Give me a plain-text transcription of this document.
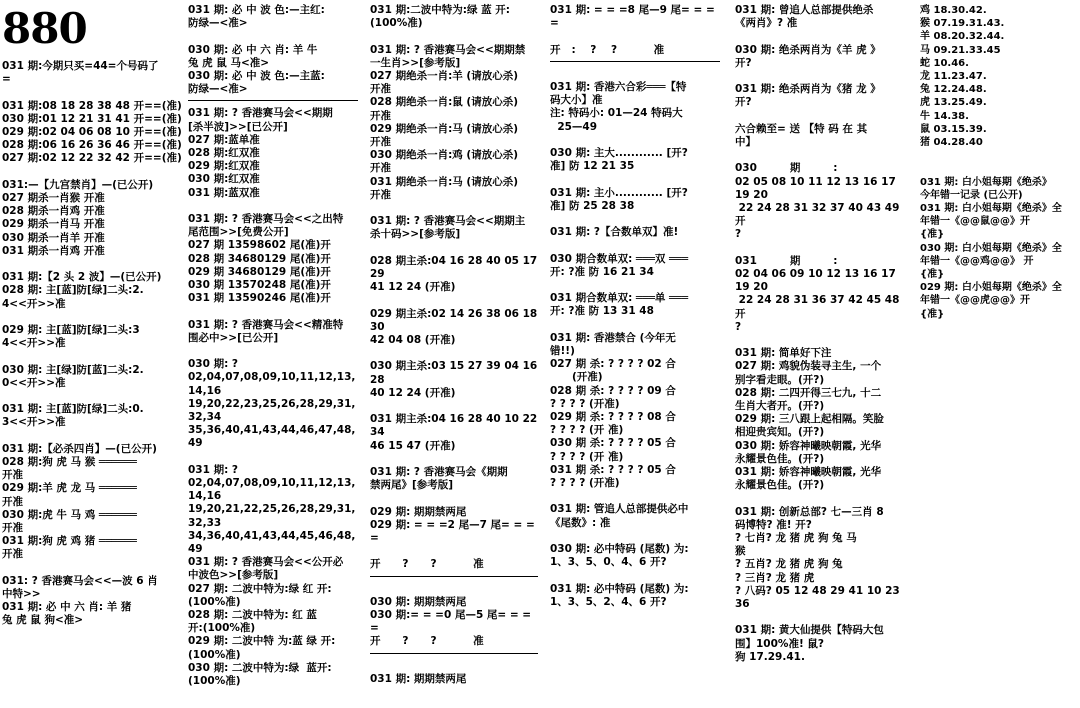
880
031 期:今期只买=44=个号码了
=
031 期:08 18 28 38 48 开==(准)
030 期:01 12 21 31 41 开==(准)
029 期:02 04 06 08 10 开==(准)
028 期:06 16 26 36 46 开==(准)
027 期:02 12 22 32 42 开==(准)
031:—【九宫禁肖】—(已公开)
027 期杀一肖猴 开准
028 期杀一肖鸡 开准
029 期杀一肖马 开准
030 期杀一肖羊 开准
031 期杀一肖鸡 开准
031 期:【2 头 2 波】—(已公开)
028 期: 主[蓝]防[绿]二头:2.
4<<开>>准
029 期: 主[蓝]防[绿]二头:3
4<<开>>准
030 期: 主[绿]防[蓝]二头:2.
0<<开>>准
031 期: 主[蓝]防[绿]二头:0.
3<<开>>准
031 期:【必杀四肖】—(已公开)
028 期:狗 虎 马 猴 ══════
开准
029 期:羊 虎 龙 马 ══════
开准
030 期:虎 牛 马 鸡 ══════
开准
031 期:狗 虎 鸡 猪 ══════
开准
031: ? 香港赛马会<<—波 6 肖
中特>>
031 期: 必 中 六 肖: 羊 猪
兔 虎 鼠 狗<准>
031 期: 必 中 波 色:—主红:
防绿—<准>
030 期: 必 中 六 肖: 羊 牛
兔 虎 鼠 马<准>
030 期: 必 中 波 色:—主蓝:
防绿—<准>
031 期: ? 香港赛马会<<期期
[杀半波]>>[已公开]
027 期:蓝单准
028 期:红双准
029 期:红双准
030 期:红双准
031 期:蓝双准
031 期: ? 香港赛马会<<之出特
尾范围>>[免费公开]
027 期 13598602 尾(准)开
028 期 34680129 尾(准)开
029 期 34680129 尾(准)开
030 期 13570248 尾(准)开
031 期 13590246 尾(准)开
031 期: ? 香港赛马会<<精准特
围必中>>[已公开]
030 期: ?
02,04,07,08,09,10,11,12,13,14,16
19,20,22,23,25,26,28,29,31,32,34
35,36,40,41,43,44,46,47,48,49
031 期: ?
02,04,07,08,09,10,11,12,13,14,16
19,20,21,22,25,26,28,29,31,32,33
34,36,40,41,43,44,45,46,48,49
031 期: ? 香港赛马会<<公开必
中波色>>[参考版]
027 期: 二波中特为:绿 红 开:
(100%准)
028 期: 二波中特为: 红 蓝
开:(100%准)
029 期: 二波中特 为:蓝 绿 开:
(100%准)
030 期: 二波中特为:绿  蓝开:
(100%准)
031 期:二波中特为:绿 蓝 开:
(100%准)
031 期: ? 香港赛马会<<期期禁
一生肖>>[参考版]
027 期绝杀一肖:羊 (请放心杀)
开准
028 期绝杀一肖:鼠 (请放心杀)
开准
029 期绝杀一肖:马 (请放心杀)
开准
030 期绝杀一肖:鸡 (请放心杀)
开准
031 期绝杀一肖:马 (请放心杀)
开准
031 期: ? 香港赛马会<<期期主
杀十码>>[参考版]
028 期主杀:04 16 28 40 05 17 29
41 12 24 (开准)
029 期主杀:02 14 26 38 06 18 30
42 04 08 (开准)
030 期主杀:03 15 27 39 04 16 28
40 12 24 (开准)
031 期主杀:04 16 28 40 10 22 34
46 15 47 (开准)
031 期: ? 香港赛马会《期期
禁两尾》[参考版]
029 期: 期期禁两尾
029 期: = = =2 尾—7 尾= = = =
开      ?      ?          准
030 期: 期期禁两尾
030 期:= = =0 尾—5 尾= = = =
开      ?      ?          准
031 期: 期期禁两尾
031 期: = = =8 尾—9 尾= = = =
开   :    ?    ?          准
031 期: 香港六合彩═══【特
码大小】准
注: 特码小: 01—24 特码大
25—49
030 期: 主大............ [开?
准] 防 12 21 35
031 期: 主小............ [开?
准] 防 25 28 38
031 期: ?【合数单双】准!
030 期合数单双: ═══双 ═══
开: ?准 防 16 21 34
031 期合数单双: ═══单 ═══
开: ?准 防 13 31 48
031 期: 香港禁合 (今年无
错!!)
027 期 杀: ? ? ? ? 02 合
(开准)
028 期 杀: ? ? ? ? 09 合
? ? ? ? (开准)
029 期 杀: ? ? ? ? 08 合
? ? ? ? (开 准)
030 期 杀: ? ? ? ? 05 合
? ? ? ? (开 准)
031 期 杀: ? ? ? ? 05 合
? ? ? ? (开准)
031 期: 管追人总部提供必中
《尾数》: 准
030 期: 必中特码 (尾数) 为:
1、3、5、0、4、6 开?
031 期: 必中特码 (尾数) 为:
1、3、5、2、4、6 开?
031 期: 曾追人总部提供绝杀
《两肖》? 准
030 期: 绝杀两肖为《羊 虎 》
开?
031 期: 绝杀两肖为《猪 龙 》
开?
六合赖至= 送 【特 码 在 其
中】
030         期         :
02 05 08 10 11 12 13 16 17 19 20
22 24 28 31 32 37 40 43 49   开
?
031         期         :
02 04 06 09 10 12 13 16 17 19 20
22 24 28 31 36 37 42 45 48   开
?
031 期: 简单好下注
027 期: 鸡貌伪装寻主生, 一个
别字看走眼。(开?)
028 期: 二四开得三七九, 十二
生肖大者开。(开?)
029 期: 三八跟上起相隔。笑脸
相迎贵宾知。(开?)
030 期: 娇容神曦映朝霞, 光华
永耀景色佳。(开?)
031 期: 娇容神曦映朝霞, 光华
永耀景色佳。(开?)
031 期: 创新总部? 七—三肖 8
码博特? 准! 开?
? 七肖? 龙 猪 虎 狗 兔 马
猴
? 五肖? 龙 猪 虎 狗 兔
? 三肖? 龙 猪 虎
? 八码? 05 12 48 29 41 10 23
36
031 期: 黄大仙提供【特码大包
围】100%准! 鼠?
狗 17.29.41.
鸡 18.30.42.
猴 07.19.31.43.
羊 08.20.32.44.
马 09.21.33.45
蛇 10.46.
龙 11.23.47.
兔 12.24.48.
虎 13.25.49.
牛 14.38.
鼠 03.15.39.
猪 04.28.40
031 期: 白小姐每期《绝杀》
今年错一记录 (已公开)
031 期: 白小姐每期《绝杀》全
年错一《@@鼠@@》开
{准}
030 期: 白小姐每期《绝杀》全
年错一《@@鸡@@》 开
{准}
029 期: 白小姐每期《绝杀》全
年错一《@@虎@@》开
{准}
